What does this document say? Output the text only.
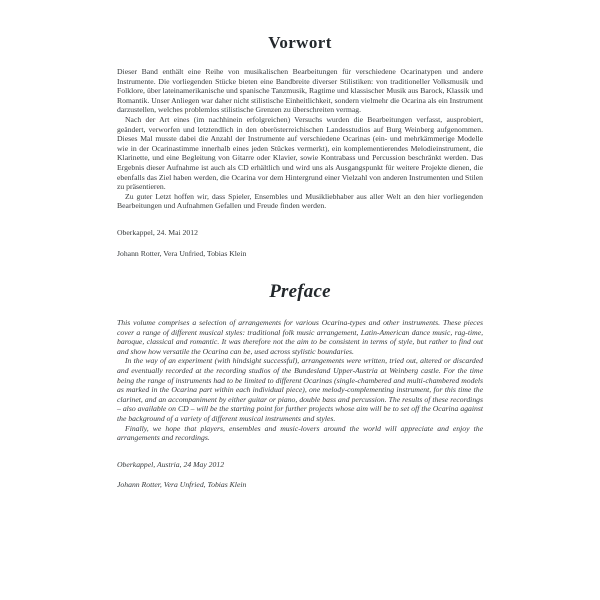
Vorwort

Dieser Band enthält eine Reihe von musikalischen Bearbeitungen für verschiedene Ocarinatypen und andere Instrumente. Die vorliegenden Stücke bieten eine Bandbreite diverser Stilistiken: von traditioneller Volksmusik und Folklore, über lateinamerikanische und spanische Tanzmusik, Ragtime und klassischer Musik aus Barock, Klassik und Romantik. Unser Anliegen war daher nicht stilistische Einheitlichkeit, sondern vielmehr die Ocarina als ein Instrument darzustellen, welches problemlos stilistische Grenzen zu überschreiten vermag.

Nach der Art eines (im nachhinein erfolgreichen) Versuchs wurden die Bearbeitungen verfasst, ausprobiert, geändert, verworfen und letztendlich in den oberösterreichischen Landesstudios auf Burg Weinberg aufgenommen. Dieses Mal musste dabei die Anzahl der Instrumente auf verschiedene Ocarinas (ein- und mehrkämmerige Modelle wie in der Ocarinastimme innerhalb eines jeden Stückes vermerkt), ein komplementierendes Melodieinstrument, die Klarinette, und eine Begleitung von Gitarre oder Klavier, sowie Kontrabass und Percussion beschränkt werden. Das Ergebnis dieser Aufnahme ist auch als CD erhältlich und wird uns als Ausgangspunkt für weitere Projekte dienen, die ebenfalls das Ziel haben werden, die Ocarina vor dem Hintergrund einer Vielzahl von anderen Instrumenten und Stilen zu präsentieren.

Zu guter Letzt hoffen wir, dass Spieler, Ensembles und Musikliebhaber aus aller Welt an den hier vorliegenden Bearbeitungen und Aufnahmen Gefallen und Freude finden werden.

Oberkappel, 24. Mai 2012

Johann Rotter, Vera Unfried, Tobias Klein

Preface

This volume comprises a selection of arrangements for various Ocarina-types and other instruments. These pieces cover a range of different musical styles: traditional folk music arrangement, Latin-American dance music, rag-time, baroque, classical and romantic. It was therefore not the aim to be consistent in terms of style, but rather to find out and show how versatile the Ocarina can be, used across stylistic boundaries.

In the way of an experiment (with hindsight successful), arrangements were written, tried out, altered or discarded and eventually recorded at the recording studios of the Bundesland Upper-Austria at Weinberg castle. For the time being the range of instruments had to be limited to different Ocarinas (single-chambered and multi-chambered models as marked in the Ocarina part within each individual piece), one melody-complementing instrument, for this time the clarinet, and an accompaniment by either guitar or piano, double bass and percussion. The results of these recordings – also available on CD – will be the starting point for further projects whose aim will be to set off the Ocarina against the background of a variety of different musical instruments and styles.

Finally, we hope that players, ensembles and music-lovers around the world will appreciate and enjoy the arrangements and recordings.

Oberkappel, Austria, 24 May 2012

Johann Rotter, Vera Unfried, Tobias Klein
